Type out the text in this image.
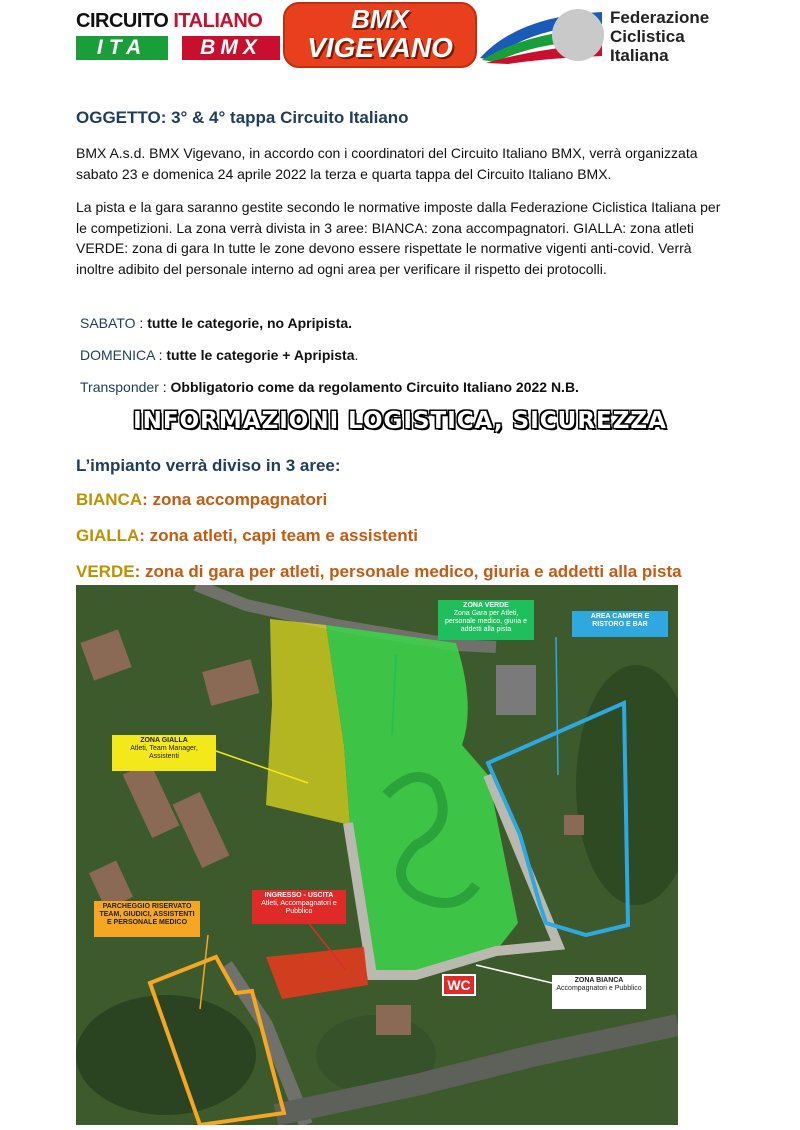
CIRCUITO ITALIANO
ITA	BMX
BMX
VIGEVANO
Federazione
Ciclistica
Italiana
OGGETTO: 3° & 4° tappa Circuito Italiano
BMX A.s.d. BMX Vigevano, in accordo con i coordinatori del Circuito Italiano BMX, verrà organizzata sabato 23 e domenica 24 aprile 2022 la terza e quarta tappa del Circuito Italiano BMX.
La pista e la gara saranno gestite secondo le normative imposte dalla Federazione Ciclistica Italiana per le competizioni. La zona verrà divista in 3 aree: BIANCA: zona accompagnatori. GIALLA: zona atleti VERDE: zona di gara In tutte le zone devono essere rispettate le normative vigenti anti-covid. Verrà inoltre adibito del personale interno ad ogni area per verificare il rispetto dei protocolli.
SABATO : tutte le categorie, no Apripista.
DOMENICA : tutte le categorie + Apripista.
Transponder : Obbligatorio come da regolamento Circuito Italiano 2022 N.B.
INFORMAZIONI LOGISTICA, SICUREZZA
L’impianto verrà diviso in 3 aree:
BIANCA: zona accompagnatori
GIALLA: zona atleti, capi team e assistenti
VERDE: zona di gara per atleti, personale medico, giuria e addetti alla pista
ZONA VERDE
Zona Gara per Atleti, personale medico, giuria e addetti alla pista
AREA CAMPER E RISTORO E BAR
ZONA GIALLA
Atleti, Team Manager, Assistenti
INGRESSO - USCITA
Atleti, Accompagnatori e Pubblico
PARCHEGGIO RISERVATO TEAM, GIUDICI, ASSISTENTI E PERSONALE MEDICO
ZONA BIANCA
Accompagnatori e Pubblico
WC
